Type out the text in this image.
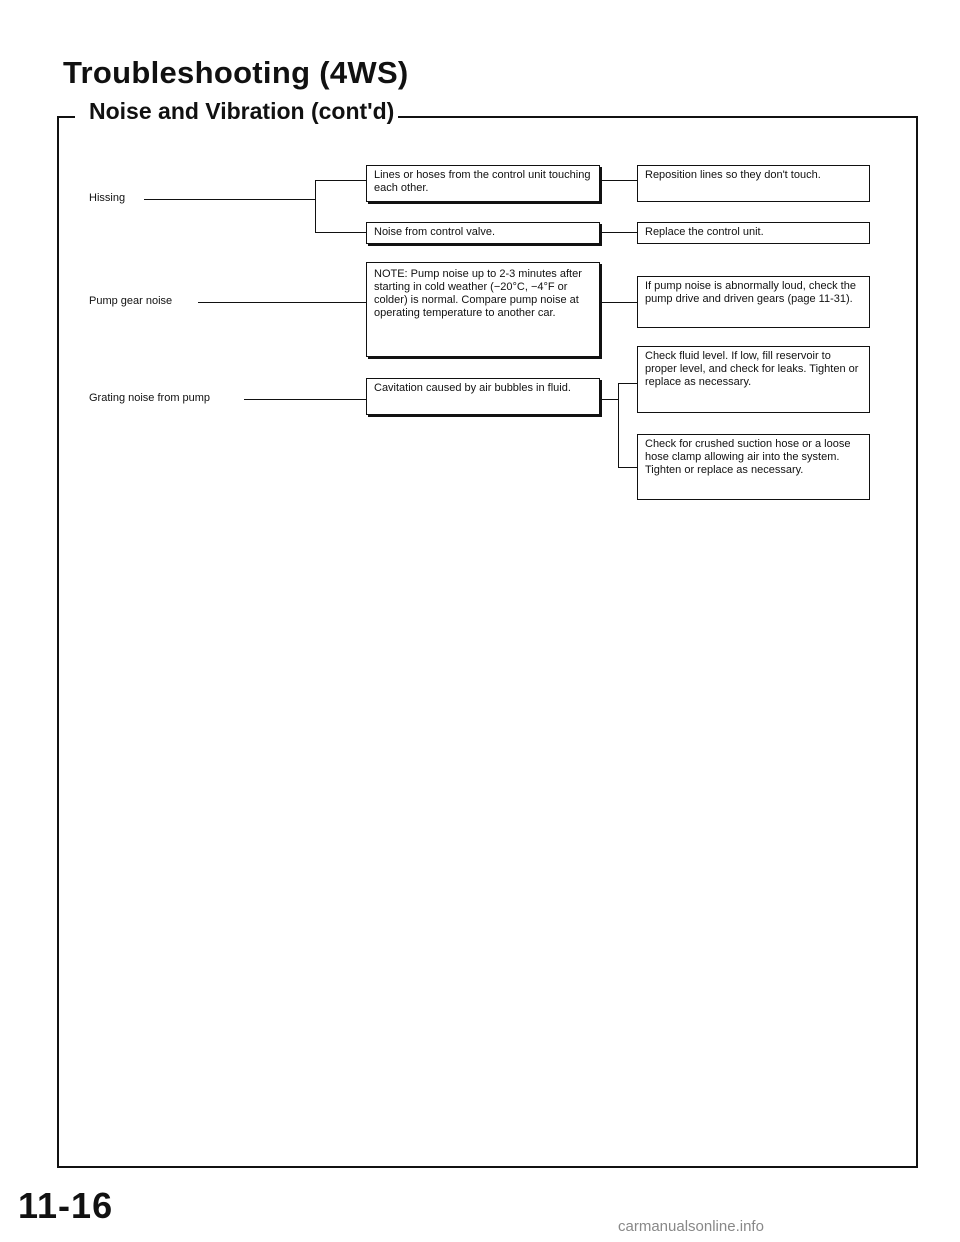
Troubleshooting (4WS)
Noise and Vibration (cont'd)
Hissing
Pump gear noise
Grating noise from pump
Lines or hoses from the control unit touching each other.
Noise from control valve.
NOTE: Pump noise up to 2-3 minutes after starting in cold weather (−20°C, −4°F or colder) is normal. Compare pump noise at operating temperature to another car.
Cavitation caused by air bubbles in fluid.
Reposition lines so they don't touch.
Replace the control unit.
If pump noise is abnormally loud, check the pump drive and driven gears (page 11-31).
Check fluid level. If low, fill reservoir to proper level, and check for leaks. Tighten or replace as necessary.
Check for crushed suction hose or a loose hose clamp allowing air into the system. Tighten or replace as necessary.
11-16
carmanualsonline.info
